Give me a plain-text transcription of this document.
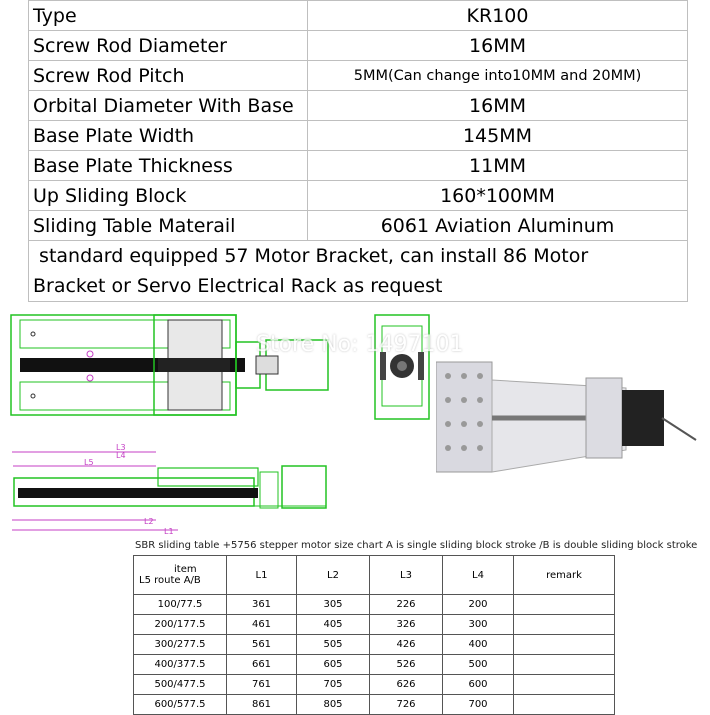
Type	KR100
Screw Rod Diameter	16MM
Screw Rod Pitch	5MM(Can change into10MM and 20MM)
Orbital Diameter With Base	16MM
Base Plate Width	145MM
Base Plate Thickness	11MM
Up Sliding Block	160*100MM
Sliding Table Materail	6061 Aviation Aluminum
standard equipped 57 Motor Bracket, can install 86 Motor	
Bracket or Servo Electrical Rack as request	
L3
L4
L5
L2
L1
Store No: 1497101
SBR sliding table +5756 stepper motor size chart A is single sliding block stroke /B is double sliding block stroke
item
L5 route A/B	L1	L2	L3	L4	remark
100/77.5	361	305	226	200	
200/177.5	461	405	326	300	
300/277.5	561	505	426	400	
400/377.5	661	605	526	500	
500/477.5	761	705	626	600	
600/577.5	861	805	726	700	
